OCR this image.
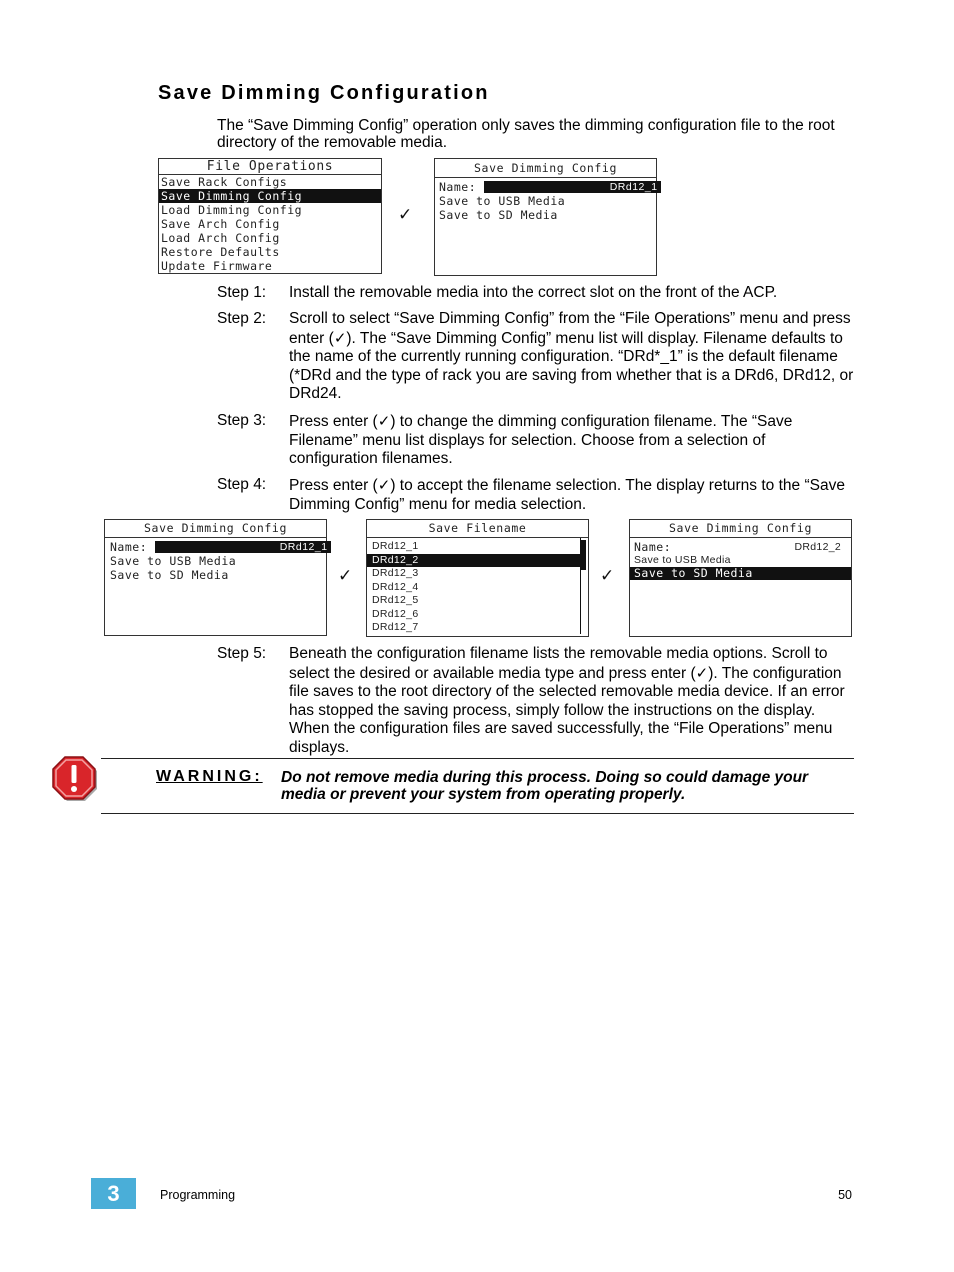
Save Dimming Configuration
The “Save Dimming Config” operation only saves the dimming configuration file to the root directory of the removable media.
File Operations
Save Rack Configs
Save Dimming Config
Load Dimming Config
Save Arch Config
Load Arch Config
Restore Defaults
Update Firmware
✓
Save Dimming Config
Name:	DRd12_1
Save to USB Media
Save to SD Media
Step 1:	Install the removable media into the correct slot on the front of the ACP.
Step 2:	Scroll to select “Save Dimming Config” from the “File Operations” menu and press enter (✓). The “Save Dimming Config” menu list will display. Filename defaults to the name of the currently running configuration. “DRd*_1” is the default filename (*DRd and the type of rack you are saving from whether that is a DRd6, DRd12, or DRd24.
Step 3:	Press enter (✓) to change the dimming configuration filename. The “Save Filename” menu list displays for selection. Choose from a selection of configuration filenames.
Step 4:	Press enter (✓) to accept the filename selection. The display returns to the “Save Dimming Config” menu for media selection.
Save Dimming Config
Name:	DRd12_1
Save to USB Media
Save to SD Media	✓
Save Filename
DRd12_1
DRd12_2
DRd12_3
DRd12_4
DRd12_5
DRd12_6
DRd12_7
✓
Save Dimming Config
Name:	DRd12_2
Save to USB Media
Save to SD Media
Step 5:	Beneath the configuration filename lists the removable media options. Scroll to select the desired or available media type and press enter (✓). The configuration file saves to the root directory of the selected removable media device. If an error has stopped the saving process, simply follow the instructions on the display. When the configuration files are saved successfully, the “File Operations” menu displays.
WARNING: Do not remove media during this process. Doing so could damage your media or prevent your system from operating properly.
3	Programming	50
